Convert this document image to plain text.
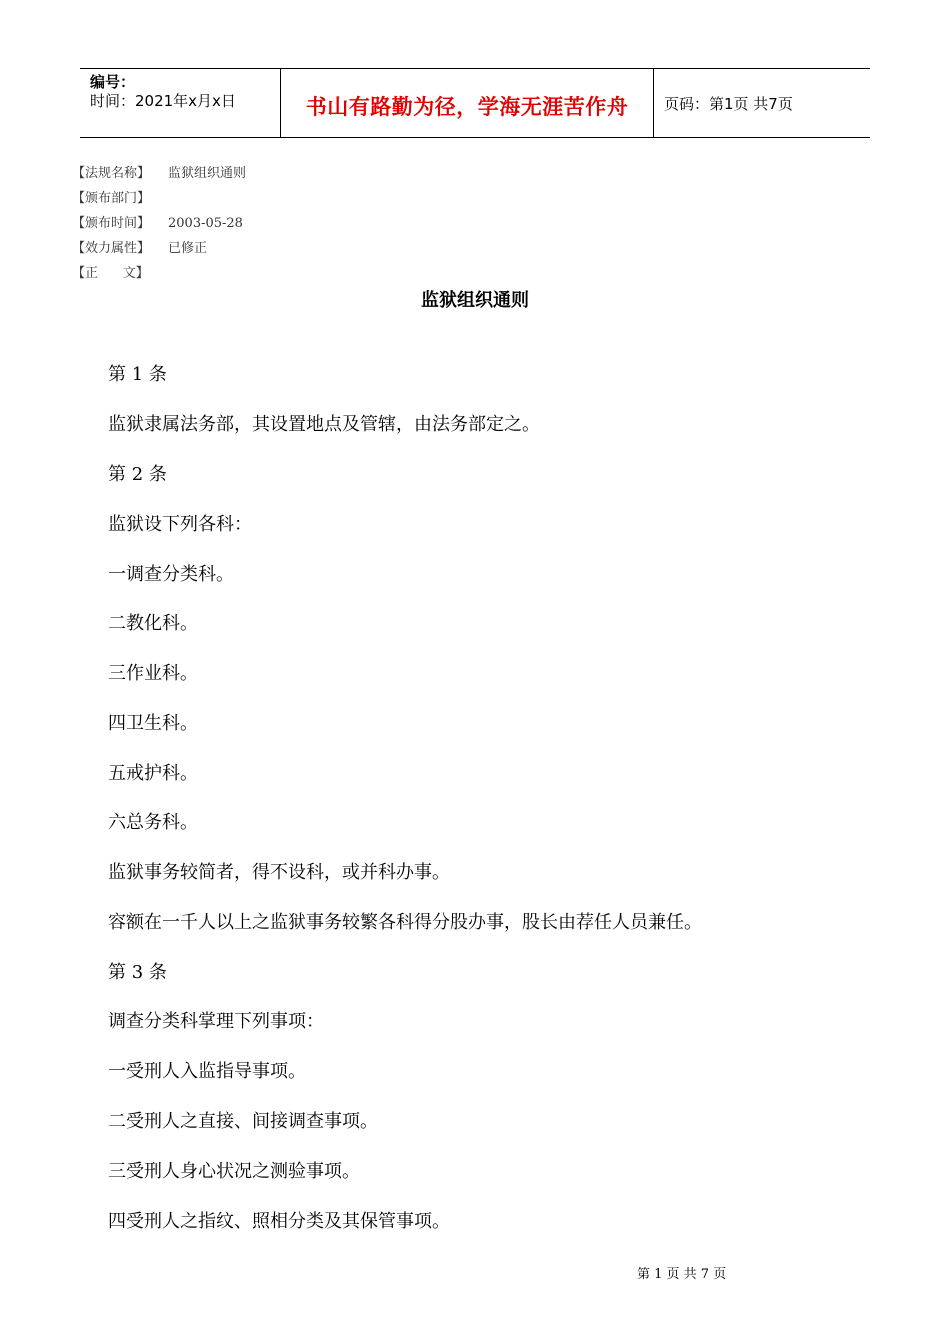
编号：
时间：2021年x月x日	书山有路勤为径，学海无涯苦作舟	页码：第1页 共7页
【法规名称】 监狱组织通则
【颁布部门】
【颁布时间】 2003-05-28
【效力属性】 已修正
【正      文】
监狱组织通则
第 1 条
监狱隶属法务部，其设置地点及管辖，由法务部定之。
第 2 条
监狱设下列各科：
一调查分类科。
二教化科。
三作业科。
四卫生科。
五戒护科。
六总务科。
监狱事务较简者，得不设科，或并科办事。
容额在一千人以上之监狱事务较繁各科得分股办事，股长由荐任人员兼任。
第 3 条
调查分类科掌理下列事项：
一受刑人入监指导事项。
二受刑人之直接、间接调查事项。
三受刑人身心状况之测验事项。
四受刑人之指纹、照相分类及其保管事项。
第 1 页 共 7 页
